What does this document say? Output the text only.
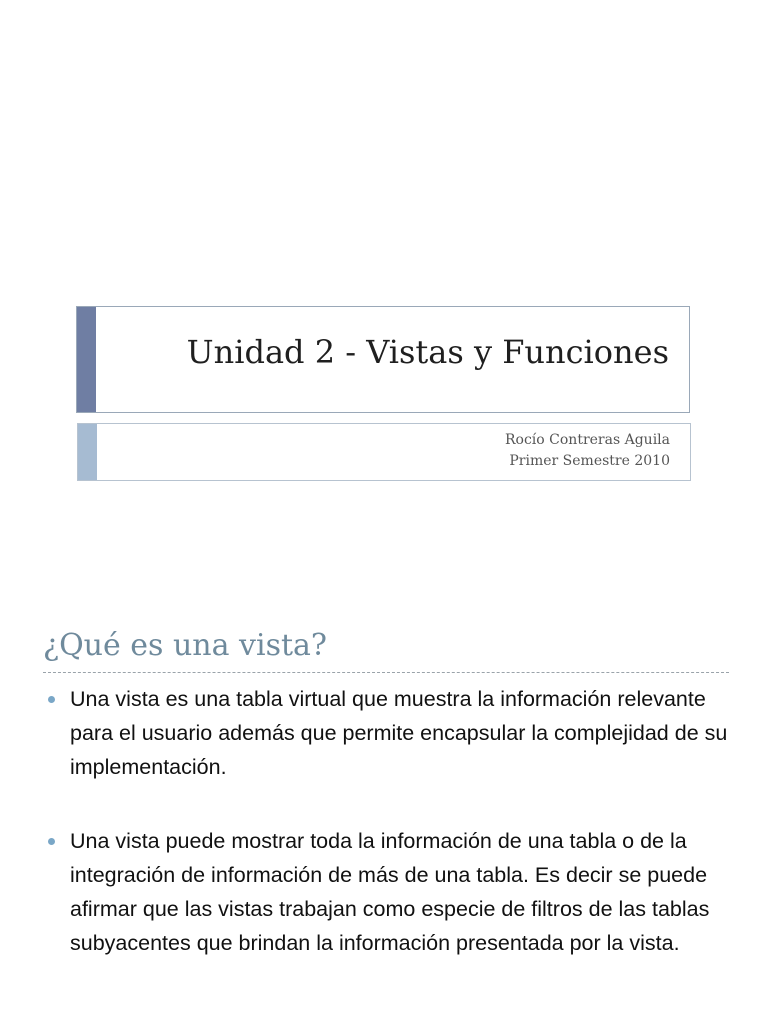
Unidad 2 - Vistas y Funciones
Rocío Contreras Aguila
Primer Semestre 2010
¿Qué es una vista?
Una vista es una tabla virtual que muestra la información relevante para el usuario además que permite encapsular la complejidad de su implementación.
Una vista puede mostrar toda la información de una tabla o de la integración de información de más de una tabla. Es decir se puede afirmar que las vistas trabajan como especie de filtros de las tablas subyacentes que brindan la información presentada por la vista.
